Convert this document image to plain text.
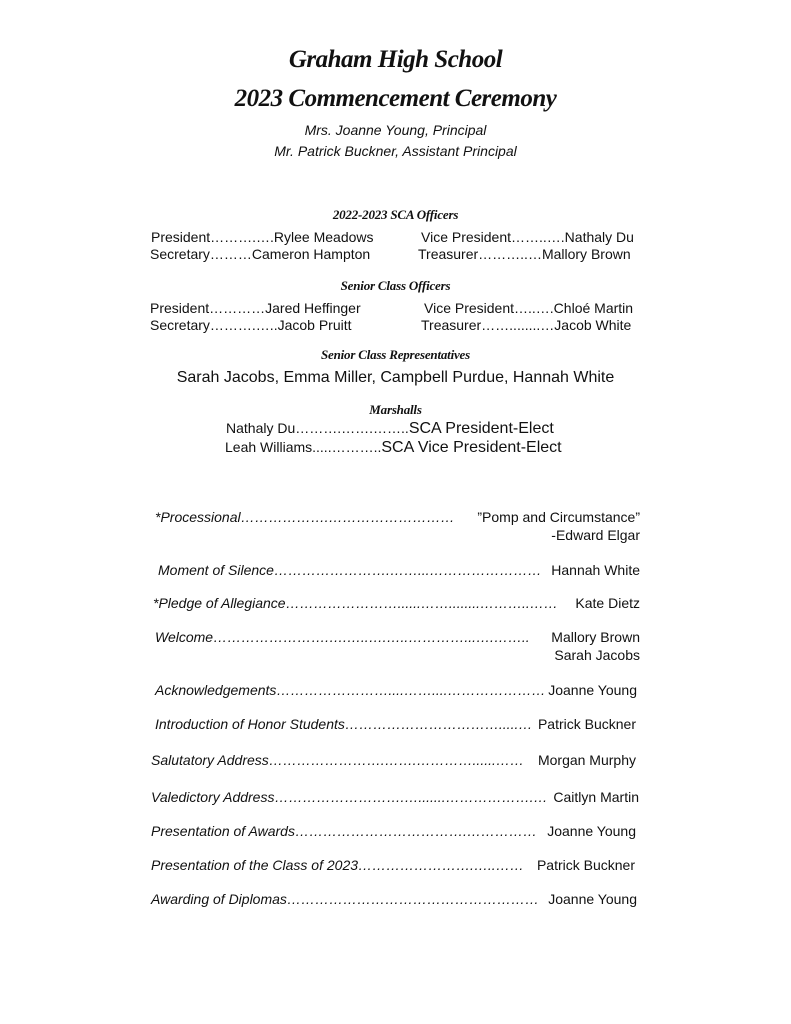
Graham High School
2023 Commencement Ceremony
Mrs. Joanne Young, Principal
Mr. Patrick Buckner, Assistant Principal
2022-2023 SCA Officers
President……….….Rylee Meadows	Vice President……..….Nathaly Du
Secretary………Cameron Hampton	Treasurer………..…Mallory Brown
Senior Class Officers
President…………Jared Heffinger	Vice President…..….Chloé Martin
Secretary……….…..Jacob Pruitt	Treasurer……........…Jacob White
Senior Class Representatives
Sarah Jacobs, Emma Miller, Campbell Purdue, Hannah White
Marshalls
Nathaly Du……….…….……..SCA President-Elect
Leah Williams.....………..SCA Vice President-Elect
*Processional……………….……………………… ”Pomp and Circumstance”
-Edward Elgar
Moment of Silence…………………….……...…………………… Hannah White
*Pledge of Allegiance……………………......……........………..…… Kate Dietz
Welcome…………………….….…..….…..…………...….…….. Mallory Brown
Sarah Jacobs
Acknowledgements……………………....……....………………… Joanne Young
Introduction of Honor Students…………………………….....… Patrick Buckner
Salutatory Address…………………….…….…………......…… Morgan Murphy
Valedictory Address……………………….….......……………….… Caitlyn Martin
Presentation of Awards……………………………….…………… Joanne Young
Presentation of the Class of 2023…………………….…..…… Patrick Buckner
Awarding of Diplomas……………………………………………… Joanne Young
